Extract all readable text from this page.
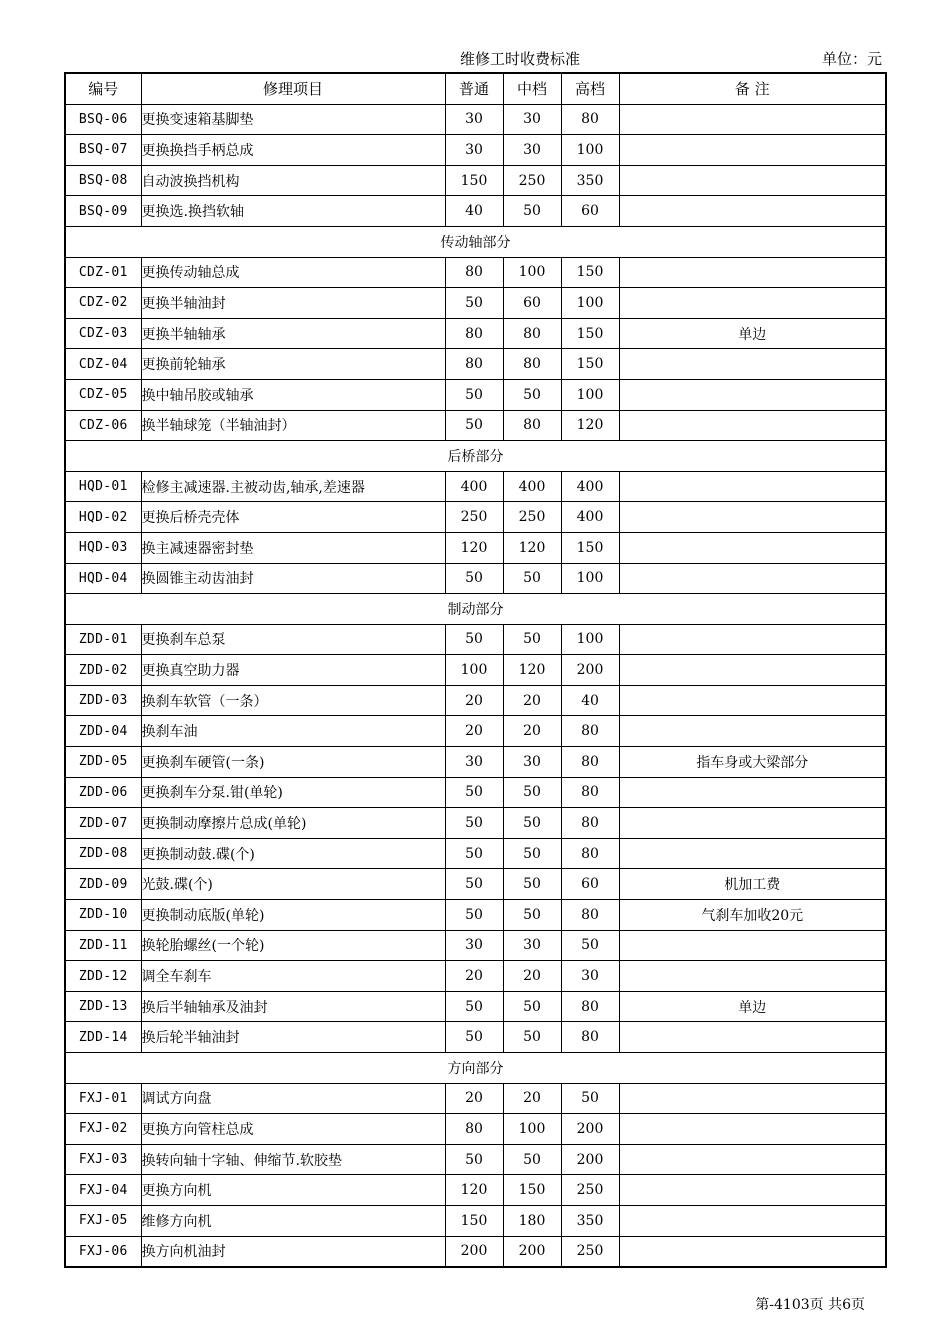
维修工时收费标准	单位：元
编号	修理项目	普通	中档	高档	备 注
BSQ-06	更换变速箱基脚垫	30	30	80	
BSQ-07	更换换挡手柄总成	30	30	100	
BSQ-08	自动波换挡机构	150	250	350	
BSQ-09	更换选.换挡软轴	40	50	60	
传动轴部分					
CDZ-01	更换传动轴总成	80	100	150	
CDZ-02	更换半轴油封	50	60	100	
CDZ-03	更换半轴轴承	80	80	150	单边
CDZ-04	更换前轮轴承	80	80	150	
CDZ-05	换中轴吊胶或轴承	50	50	100	
CDZ-06	换半轴球笼（半轴油封）	50	80	120	
后桥部分					
HQD-01	检修主减速器.主被动齿,轴承,差速器	400	400	400	
HQD-02	更换后桥壳壳体	250	250	400	
HQD-03	换主减速器密封垫	120	120	150	
HQD-04	换圆锥主动齿油封	50	50	100	
制动部分					
ZDD-01	更换刹车总泵	50	50	100	
ZDD-02	更换真空助力器	100	120	200	
ZDD-03	换刹车软管（一条）	20	20	40	
ZDD-04	换刹车油	20	20	80	
ZDD-05	更换刹车硬管(一条)	30	30	80	指车身或大梁部分
ZDD-06	更换刹车分泵.钳(单轮)	50	50	80	
ZDD-07	更换制动摩擦片总成(单轮)	50	50	80	
ZDD-08	更换制动鼓.碟(个)	50	50	80	
ZDD-09	光鼓.碟(个)	50	50	60	机加工费
ZDD-10	更换制动底版(单轮)	50	50	80	气刹车加收20元
ZDD-11	换轮胎螺丝(一个轮)	30	30	50	
ZDD-12	调全车刹车	20	20	30	
ZDD-13	换后半轴轴承及油封	50	50	80	单边
ZDD-14	换后轮半轴油封	50	50	80	
方向部分					
FXJ-01	调试方向盘	20	20	50	
FXJ-02	更换方向管柱总成	80	100	200	
FXJ-03	换转向轴十字轴、伸缩节.软胶垫	50	50	200	
FXJ-04	更换方向机	120	150	250	
FXJ-05	维修方向机	150	180	350	
FXJ-06	换方向机油封	200	200	250	
第-4103页 共6页
